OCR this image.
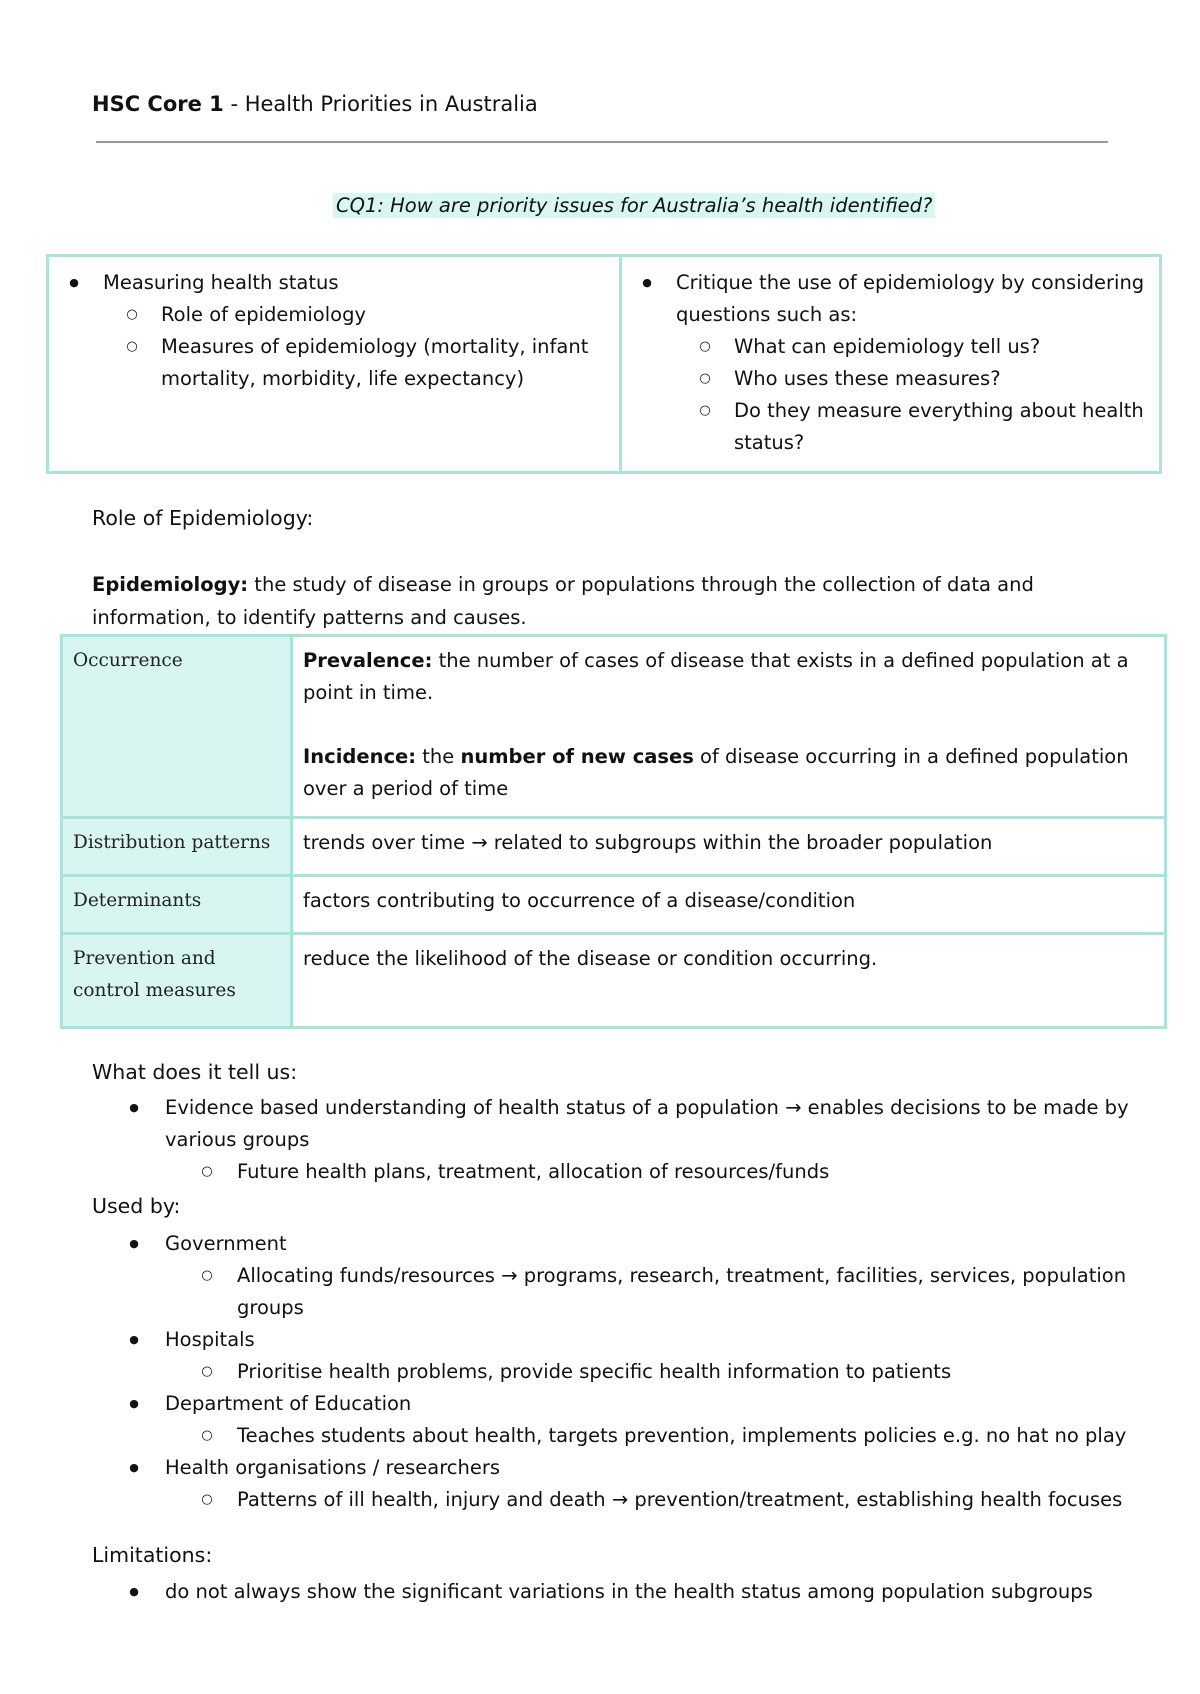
HSC Core 1 - Health Priorities in Australia
CQ1: How are priority issues for Australia’s health identified?
● Measuring health status
○ Role of epidemiology
○ Measures of epidemiology (mortality, infant mortality, morbidity, life expectancy)

● Critique the use of epidemiology by considering questions such as:
○ What can epidemiology tell us?
○ Who uses these measures?
○ Do they measure everything about health status?
Role of Epidemiology:
Epidemiology: the study of disease in groups or populations through the collection of data and information, to identify patterns and causes.
Occurrence	Prevalence: the number of cases of disease that exists in a defined population at a point in time.

Incidence: the number of new cases of disease occurring in a defined population over a period of time

Distribution patterns	trends over time → related to subgroups within the broader population
Determinants	factors contributing to occurrence of a disease/condition
Prevention and control measures	reduce the likelihood of the disease or condition occurring.
What does it tell us:
● Evidence based understanding of health status of a population → enables decisions to be made by various groups
○ Future health plans, treatment, allocation of resources/funds
Used by:
● Government
○ Allocating funds/resources → programs, research, treatment, facilities, services, population groups
● Hospitals
○ Prioritise health problems, provide specific health information to patients
● Department of Education
○ Teaches students about health, targets prevention, implements policies e.g. no hat no play
● Health organisations / researchers
○ Patterns of ill health, injury and death → prevention/treatment, establishing health focuses
Limitations:
● do not always show the significant variations in the health status among population subgroups
